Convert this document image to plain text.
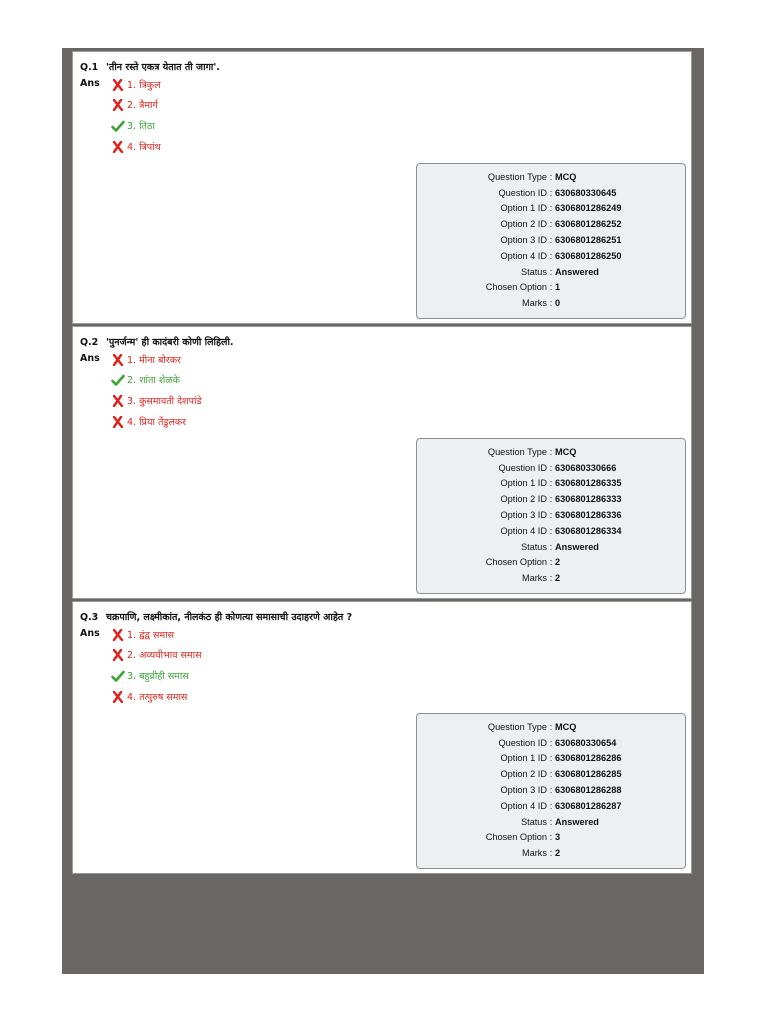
Q.1 'तीन रस्ते एकत्र येतात ती जागा'.
Ans	1. त्रिकुल
2. त्रैमार्ग
3. तिठा
4. त्रिपांथ
Question Type : MCQ
Question ID : 630680330645
Option 1 ID : 6306801286249
Option 2 ID : 6306801286252
Option 3 ID : 6306801286251
Option 4 ID : 6306801286250
Status : Answered
Chosen Option : 1
Marks : 0
Q.2 'पुनर्जन्म' ही कादंबरी कोणी लिहिली.
Ans	1. मीना बोरकर
2. शांता शेळके
3. कुसमावती देशपांडे
4. प्रिया तेंडुलकर
Question Type : MCQ
Question ID : 630680330666
Option 1 ID : 6306801286335
Option 2 ID : 6306801286333
Option 3 ID : 6306801286336
Option 4 ID : 6306801286334
Status : Answered
Chosen Option : 2
Marks : 2
Q.3 चक्रपाणि, लक्ष्मीकांत, नीलकंठ ही कोणत्या समासाची उदाहरणे आहेत ?
Ans	1. द्वंद्व समास
2. अव्ययीभाव समास
3. बहुव्रीही समास
4. तत्पुरुष समास
Question Type : MCQ
Question ID : 630680330654
Option 1 ID : 6306801286286
Option 2 ID : 6306801286285
Option 3 ID : 6306801286288
Option 4 ID : 6306801286287
Status : Answered
Chosen Option : 3
Marks : 2
